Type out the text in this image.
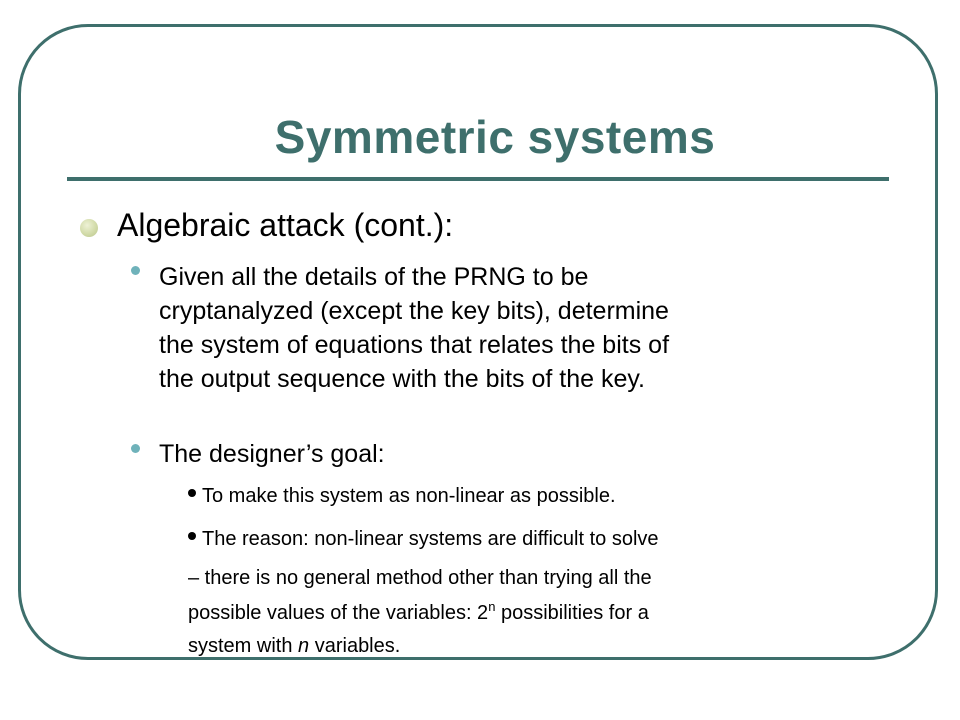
Symmetric systems
Algebraic attack (cont.):
Given all the details of the PRNG to be
cryptanalyzed (except the key bits), determine
the system of equations that relates the bits of
the output sequence with the bits of the key.
The designer’s goal:
To make this system as non-linear as possible.
The reason: non-linear systems are difficult to solve
– there is no general method other than trying all the
possible values of the variables: 2$^n$ possibilities for a
system with n variables.
